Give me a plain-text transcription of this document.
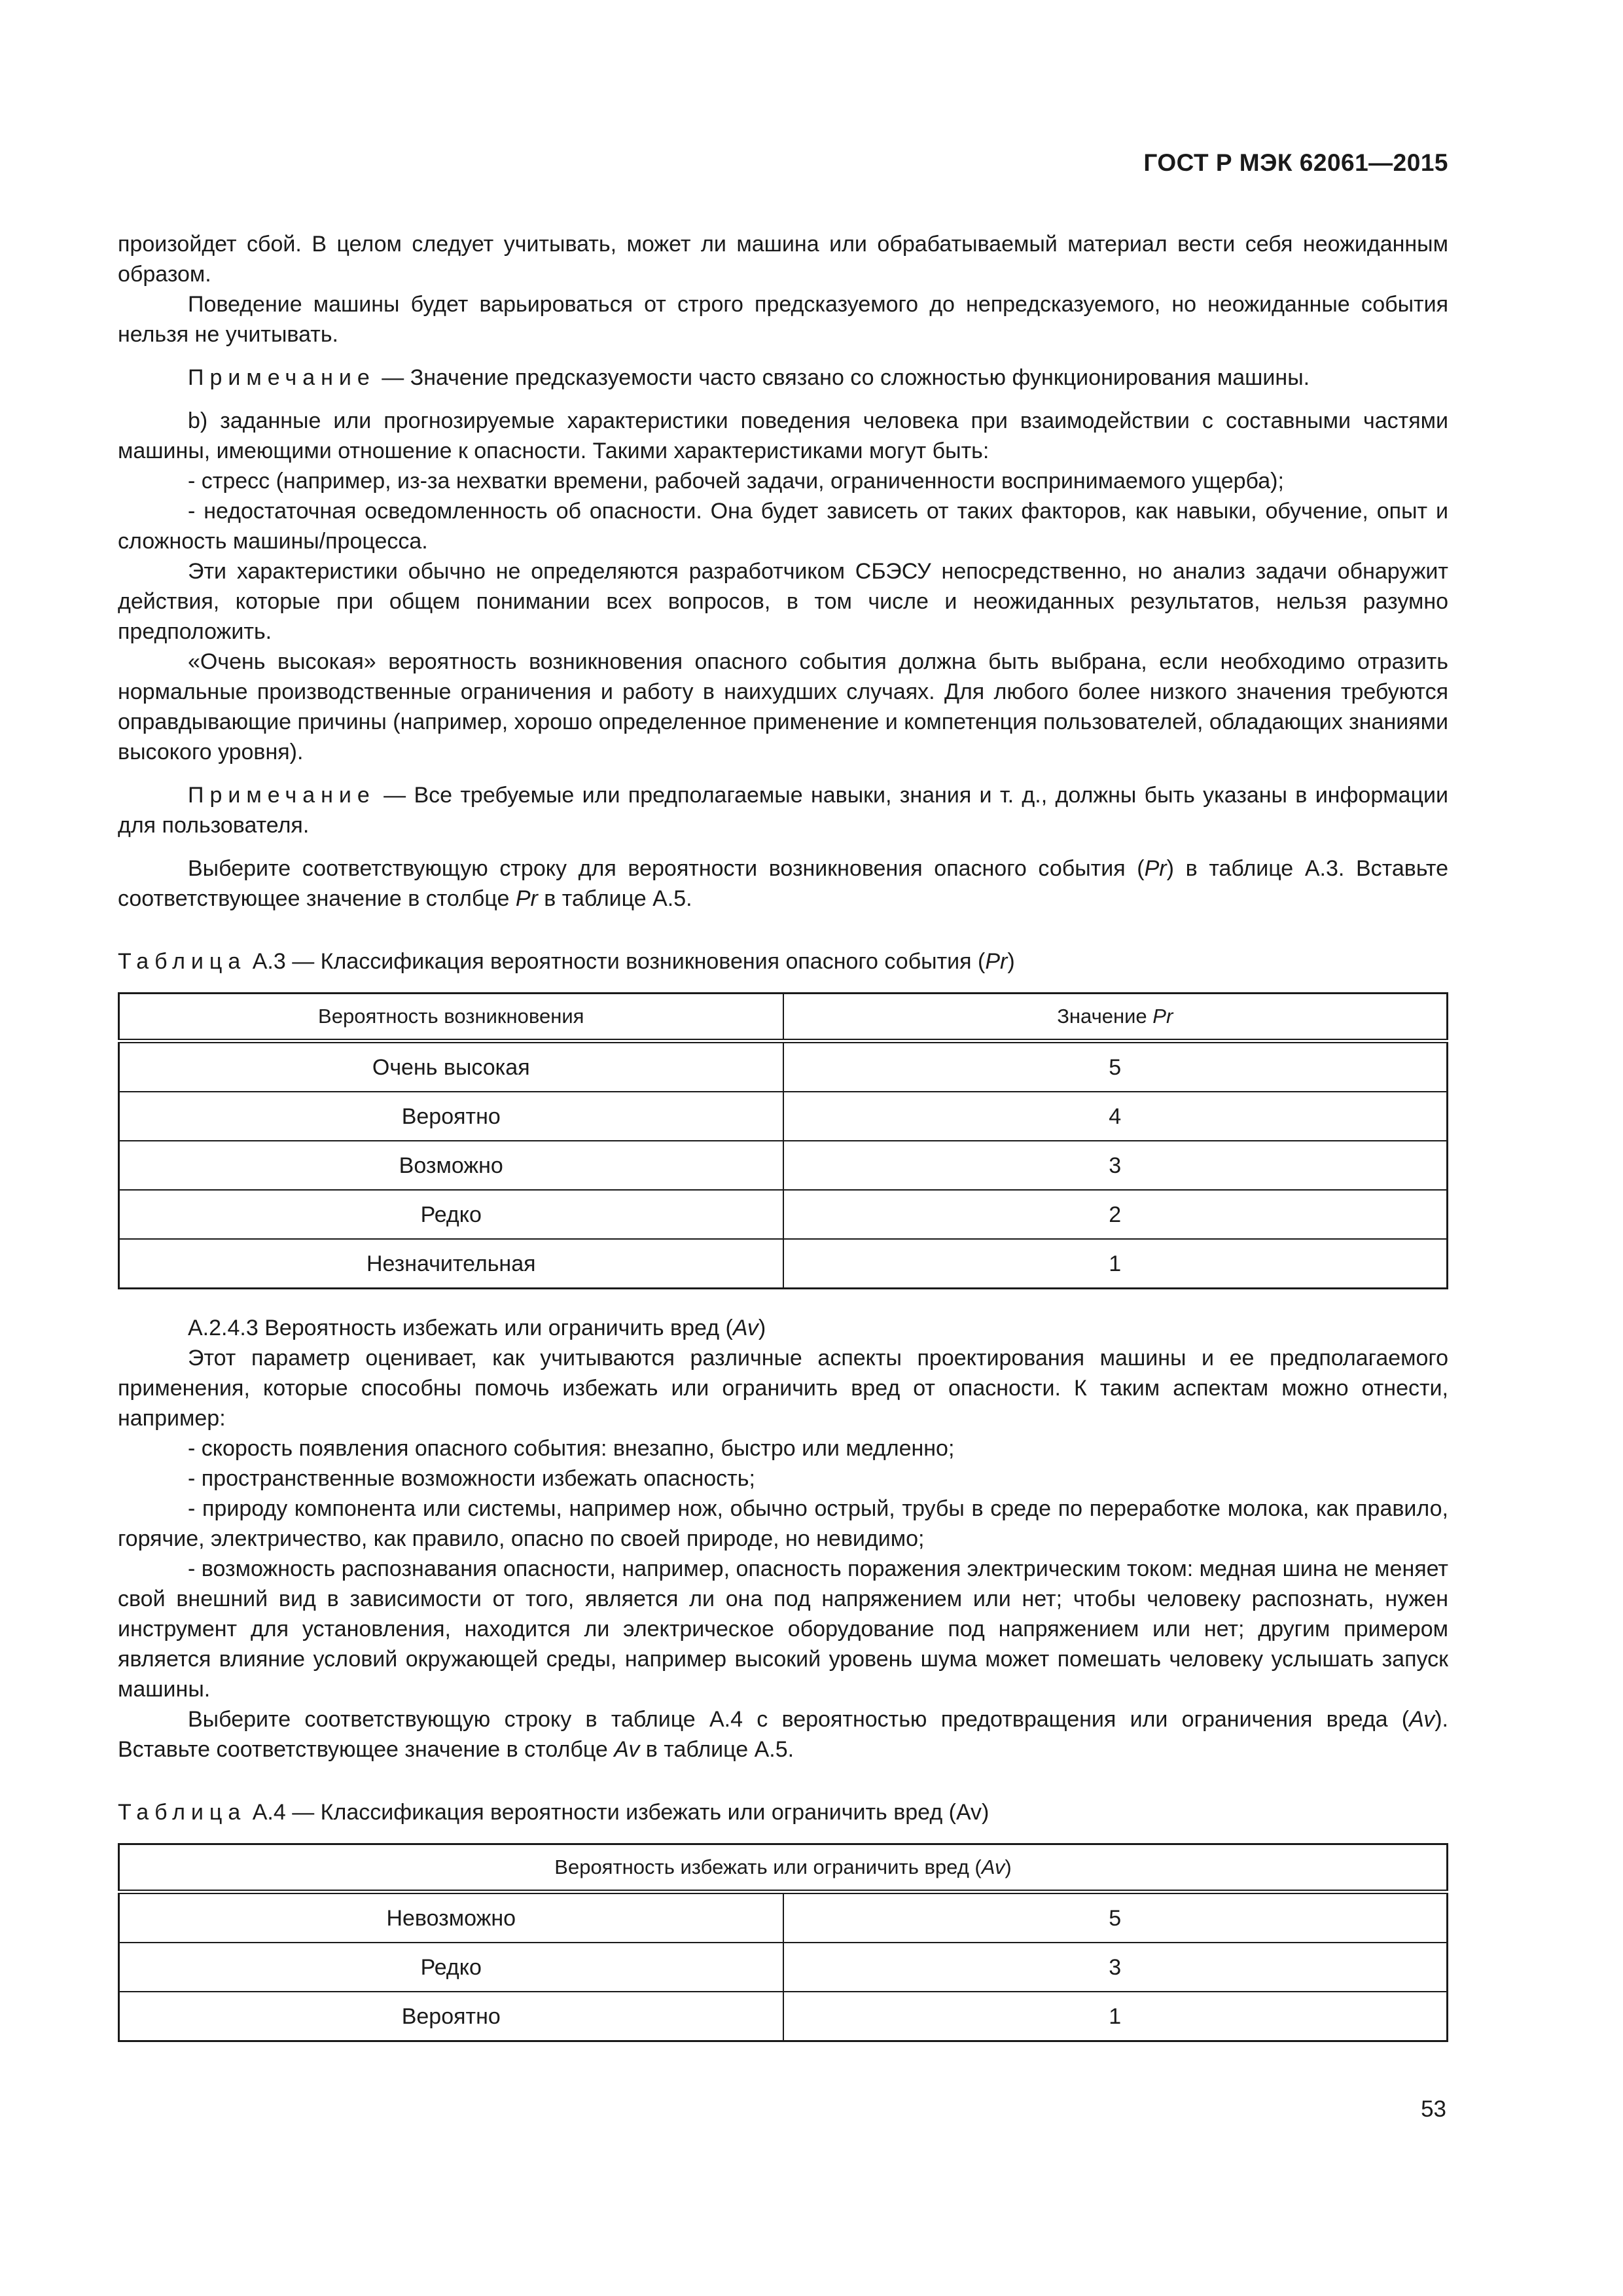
ГОСТ Р МЭК 62061—2015

произойдет сбой. В целом следует учитывать, может ли машина или обрабатываемый материал вести себя неожиданным образом.

Поведение машины будет варьироваться от строго предсказуемого до непредсказуемого, но неожиданные события нельзя не учитывать.

Примечание — Значение предсказуемости часто связано со сложностью функционирования машины.

b) заданные или прогнозируемые характеристики поведения человека при взаимодействии с составными частями машины, имеющими отношение к опасности. Такими характеристиками могут быть:

- стресс (например, из-за нехватки времени, рабочей задачи, ограниченности воспринимаемого ущерба);

- недостаточная осведомленность об опасности. Она будет зависеть от таких факторов, как навыки, обучение, опыт и сложность машины/процесса.

Эти характеристики обычно не определяются разработчиком СБЭСУ непосредственно, но анализ задачи обнаружит действия, которые при общем понимании всех вопросов, в том числе и неожиданных результатов, нельзя разумно предположить.

«Очень высокая» вероятность возникновения опасного события должна быть выбрана, если необходимо отразить нормальные производственные ограничения и работу в наихудших случаях. Для любого более низкого значения требуются оправдывающие причины (например, хорошо определенное применение и компетенция пользователей, обладающих знаниями высокого уровня).

Примечание — Все требуемые или предполагаемые навыки, знания и т. д., должны быть указаны в информации для пользователя.

Выберите соответствующую строку для вероятности возникновения опасного события (Pr) в таблице А.3. Вставьте соответствующее значение в столбце Pr в таблице А.5.

Таблица А.3 — Классификация вероятности возникновения опасного события (Pr)

Вероятность возникновения	Значение Pr
Очень высокая	5
Вероятно	4
Возможно	3
Редко	2
Незначительная	1

А.2.4.3 Вероятность избежать или ограничить вред (Av)

Этот параметр оценивает, как учитываются различные аспекты проектирования машины и ее предполагаемого применения, которые способны помочь избежать или ограничить вред от опасности. К таким аспектам можно отнести, например:

- скорость появления опасного события: внезапно, быстро или медленно;

- пространственные возможности избежать опасность;

- природу компонента или системы, например нож, обычно острый, трубы в среде по переработке молока, как правило, горячие, электричество, как правило, опасно по своей природе, но невидимо;

- возможность распознавания опасности, например, опасность поражения электрическим током: медная шина не меняет свой внешний вид в зависимости от того, является ли она под напряжением или нет; чтобы человеку распознать, нужен инструмент для установления, находится ли электрическое оборудование под напряжением или нет; другим примером является влияние условий окружающей среды, например высокий уровень шума может помешать человеку услышать запуск машины.

Выберите соответствующую строку в таблице А.4 с вероятностью предотвращения или ограничения вреда (Av). Вставьте соответствующее значение в столбце Av в таблице А.5.

Таблица А.4 — Классификация вероятности избежать или ограничить вред (Av)

Вероятность избежать или ограничить вред (Av)	
Невозможно	5
Редко	3
Вероятно	1
53
